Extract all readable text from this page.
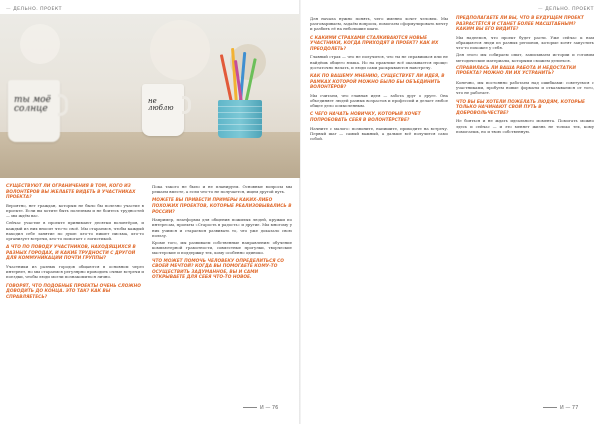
— ДЕЛЬНО. ПРОЕКТ	— ДЕЛЬНО. ПРОЕКТ
ты моё солнце
не люблю
СУЩЕСТВУЮТ ЛИ ОГРАНИЧЕНИЯ В ТОМ, КОГО ИЗ ВОЛОНТЁРОВ ВЫ ЖЕЛАЕТЕ ВИДЕТЬ В УЧАСТНИКАХ ПРОЕКТА?
Вероятно, нет граждан, которым не было бы полезно участие в проекте. Если вы хотите быть полезным и не боитесь трудностей — мы ждём вас.
Сейчас участие в проекте принимают десятки волонтёров, и каждый из них вносит что-то своё. Мы стараемся, чтобы каждый находил себе занятие по душе: кто-то пишет письма, кто-то организует встречи, кто-то помогает с логистикой.
А ЧТО ПО ПОВОДУ УЧАСТНИКОВ, НАХОДЯЩИХСЯ В РАЗНЫХ ГОРОДАХ, И КАКИЕ ТРУДНОСТИ С ДРУГОЙ ДЛЯ КОММУНИКАЦИИ ПОЧТИ ГРУППЫ?
Участники из разных городов общаются в основном через интернет, но мы стараемся регулярно проводить очные встречи и поездки, чтобы люди могли познакомиться лично.
ГОВОРЯТ, ЧТО ПОДОБНЫЕ ПРОЕКТЫ ОЧЕНЬ СЛОЖНО ДОВОДИТЬ ДО КОНЦА. ЭТО ТАК? КАК ВЫ СПРАВЛЯЕТЕСЬ?
Пока такого не было и не планируем. Основные вопросы мы решаем вместе, а если что-то не получается, ищем другой путь.
МОЖЕТЕ ВЫ ПРИВЕСТИ ПРИМЕРЫ КАКИХ-ЛИБО ПОХОЖИХ ПРОЕКТОВ, КОТОРЫЕ РЕАЛИЗОВЫВАЛИСЬ В РОССИИ?
Например, платформы для общения пожилых людей, кружки по интересам, проекты «Старость в радость» и другие. Мы многому у них учимся и стараемся развивать то, что уже доказало свою пользу.
Кроме того, мы развиваем собственные направления: обучение компьютерной грамотности, совместные прогулки, творческие мастерские и поддержку тех, кому особенно одиноко.
ЧТО МОЖЕТ ПОМОЧЬ ЧЕЛОВЕКУ ОПРЕДЕЛИТЬСЯ СО СВОЕЙ МЕЧТОЙ? КОГДА ВЫ ПОМОГАЕТЕ КОМУ-ТО ОСУЩЕСТВИТЬ ЗАДУМАННОЕ, ВЫ И САМИ ОТКРЫВАЕТЕ ДЛЯ СЕБЯ ЧТО-ТО НОВОЕ.
Для начала нужно понять, чего именно хочет человек. Мы разговариваем, задаём вопросы, помогаем сформулировать мечту и разбить её на небольшие шаги.
С КАКИМИ СТРАХАМИ СТАЛКИВАЮТСЯ НОВЫЕ УЧАСТНИКИ, КОГДА ПРИХОДЯТ В ПРОЕКТ? КАК ИХ ПРЕОДОЛЕТЬ?
Главный страх — что не получится, что ты не справишься или не найдёшь общего языка. Но на практике всё оказывается проще: достаточно начать, и люди сами раскрываются навстречу.
КАК ПО ВАШЕМУ МНЕНИЮ, СУЩЕСТВУЕТ ЛИ ИДЕЯ, В РАМКАХ КОТОРОЙ МОЖНО БЫЛО БЫ ОБЪЕДИНИТЬ ВОЛОНТЁРОВ?
Мы считаем, что главная идея — забота друг о друге. Она объединяет людей разных возрастов и профессий и делает любое общее дело осмысленным.
С ЧЕГО НАЧАТЬ НОВИЧКУ, КОТОРЫЙ ХОЧЕТ ПОПРОБОВАТЬ СЕБЯ В ВОЛОНТЁРСТВЕ?
Начните с малого: позвоните, напишите, приходите на встречу. Первый шаг — самый важный, а дальше всё получится само собой.
ПРЕДПОЛАГАЕТЕ ЛИ ВЫ, ЧТО В БУДУЩЕМ ПРОЕКТ РАЗРАСТЁТСЯ И СТАНЕТ БОЛЕЕ МАСШТАБНЫМ? КАКИМ ВЫ ЕГО ВИДИТЕ?
Мы надеемся, что проект будет расти. Уже сейчас к нам обращаются люди из разных регионов, которые хотят запустить что-то похожее у себя.
Для этого мы собираем опыт, записываем истории и готовим методические материалы, которыми сможем делиться.
СПРАВИЛАСЬ ЛИ ВАША РАБОТА И НЕДОСТАТКИ ПРОЕКТА? МОЖНО ЛИ ИХ УСТРАНИТЬ?
Конечно, мы постоянно работаем над ошибками: советуемся с участниками, пробуем новые форматы и отказываемся от того, что не работает.
ЧТО ВЫ БЫ ХОТЕЛИ ПОЖЕЛАТЬ ЛЮДЯМ, КОТОРЫЕ ТОЛЬКО НАЧИНАЮТ СВОЙ ПУТЬ В ДОБРОВОЛЬЧЕСТВЕ?
Не бояться и не ждать идеального момента. Помогать можно здесь и сейчас — и это меняет жизнь не только тех, кому помогаешь, но и твою собственную.
И — 76	И — 77
